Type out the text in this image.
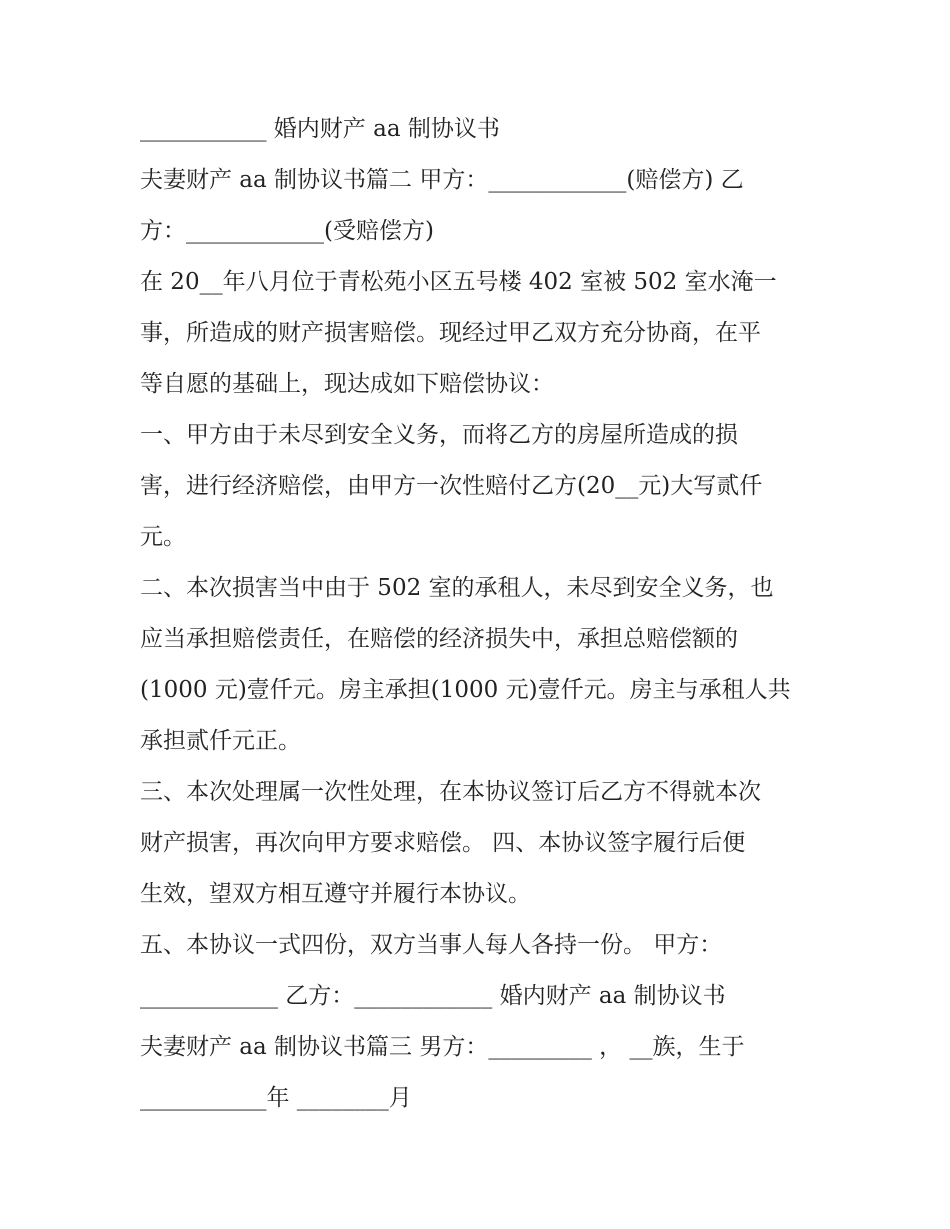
___________ 婚内财产 aa 制协议书
夫妻财产 aa 制协议书篇二 甲方：____________(赔偿方) 乙
方：____________(受赔偿方)
在 20__年八月位于青松苑小区五号楼 402 室被 502 室水淹一
事，所造成的财产损害赔偿。现经过甲乙双方充分协商，在平
等自愿的基础上，现达成如下赔偿协议：
一、甲方由于未尽到安全义务，而将乙方的房屋所造成的损
害，进行经济赔偿，由甲方一次性赔付乙方(20__元)大写贰仟
元。
二、本次损害当中由于 502 室的承租人，未尽到安全义务，也
应当承担赔偿责任，在赔偿的经济损失中，承担总赔偿额的
(1000 元)壹仟元。房主承担(1000 元)壹仟元。房主与承租人共
承担贰仟元正。
三、本次处理属一次性处理，在本协议签订后乙方不得就本次
财产损害，再次向甲方要求赔偿。 四、本协议签字履行后便
生效，望双方相互遵守并履行本协议。
五、本协议一式四份，双方当事人每人各持一份。 甲方：
____________ 乙方：____________ 婚内财产 aa 制协议书
夫妻财产 aa 制协议书篇三 男方：_________ ， __族，生于
___________年 ________月
